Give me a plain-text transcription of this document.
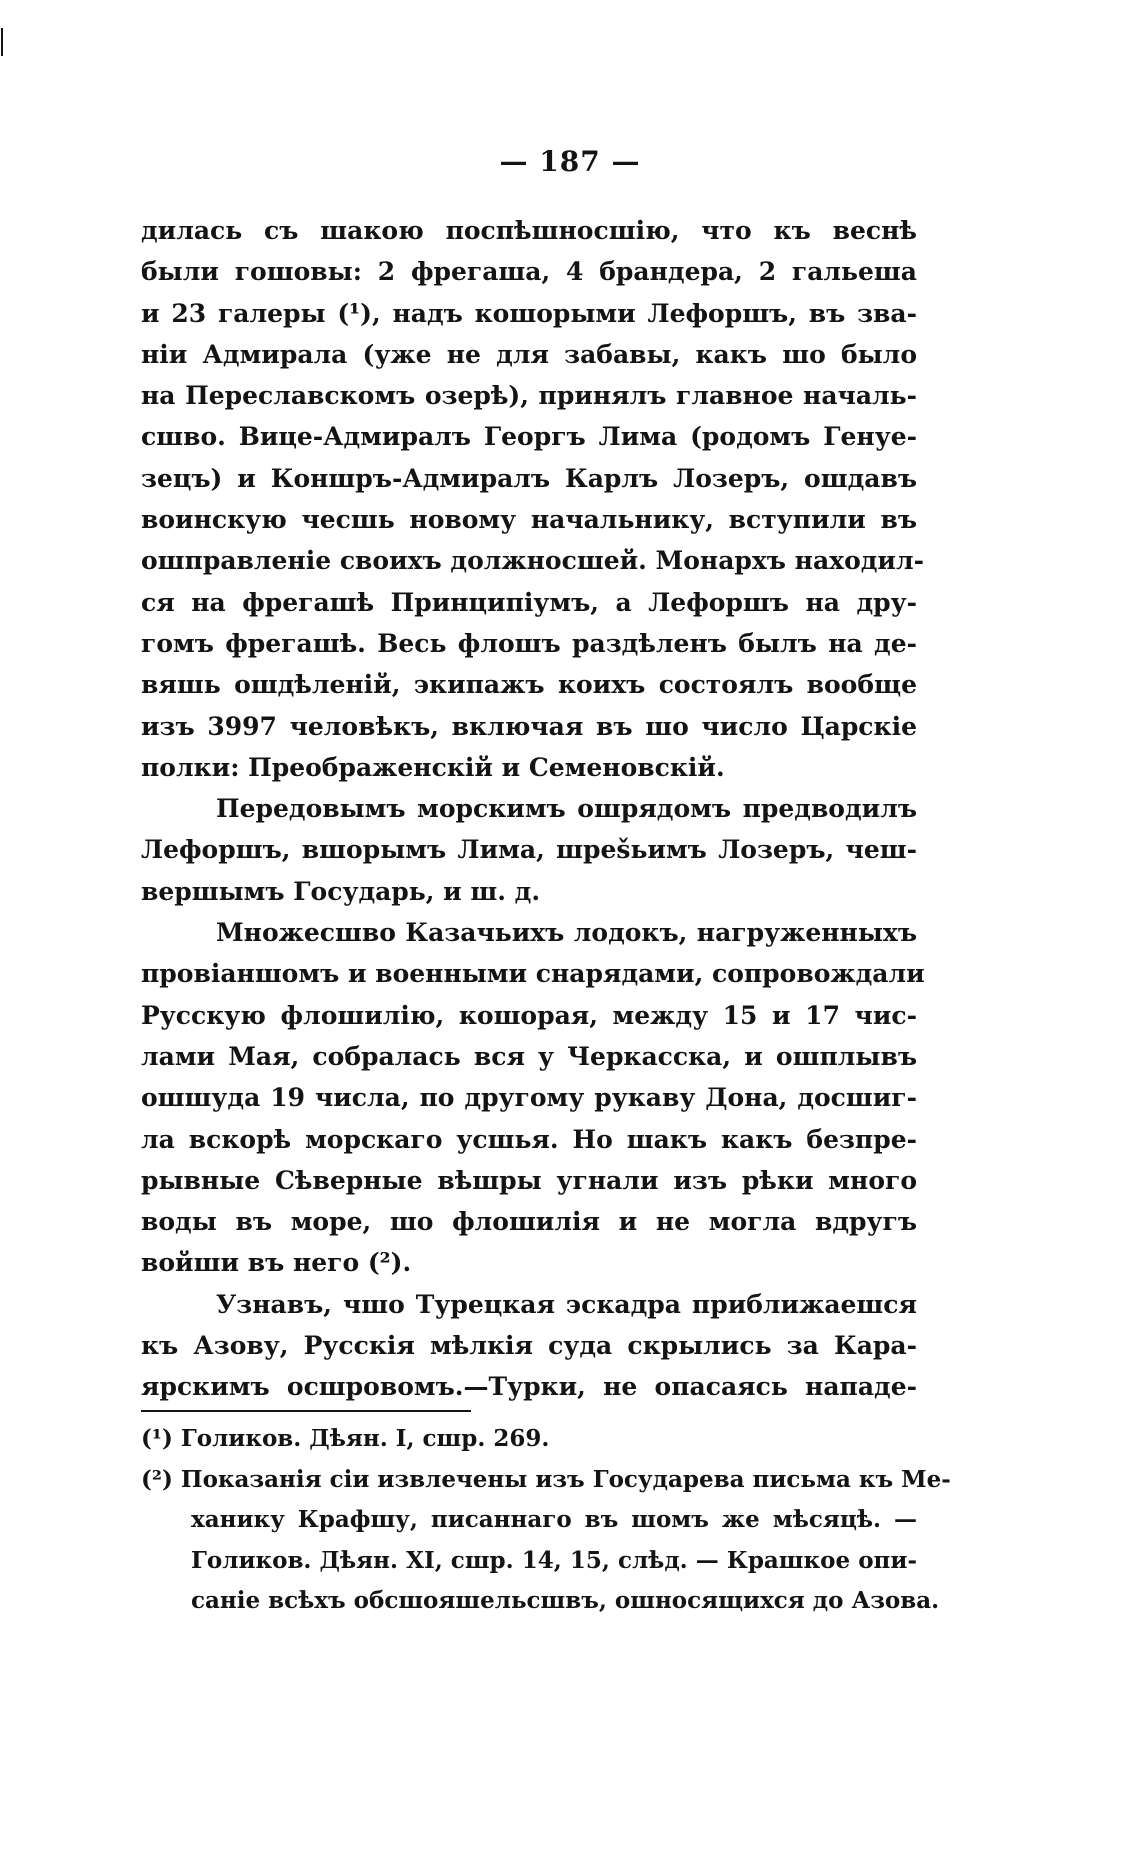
— 187 —
дилась съ шакою поспѣшносшію, что къ веснѣ
были гошовы: 2 фрегаша, 4 брандера, 2 гальеша
и 23 галеры (¹), надъ кошорыми Лефоршъ, въ зва-
ніи Адмирала (уже не для забавы, какъ шо было
на Переславскомъ озерѣ), принялъ главное началь-
сшво. Вице-Адмиралъ Георгъ Лима (родомъ Генуе-
зецъ) и Коншръ-Адмиралъ Карлъ Лозеръ, ошдавъ
воинскую чесшь новому начальнику, вступили въ
ошправленіе своихъ должносшей. Монархъ находил-
ся на фрегашѣ Принципіумъ, а Лефоршъ на дру-
гомъ фрегашѣ. Весь флошъ раздѣленъ былъ на де-
вяшь ошдѣленій, экипажъ коихъ состоялъ вообще
изъ 3997 человѣкъ, включая въ шо число Царскіе
полки: Преображенскій и Семеновскій.
Передовымъ морскимъ ошрядомъ предводилъ
Лефоршъ, вшорымъ Лима, шреšьимъ Лозеръ, чеш-
вершымъ Государь, и ш. д.
Множесшво Казачьихъ лодокъ, нагруженныхъ
провіаншомъ и военными снарядами, сопровождали
Русскую флошилію, кошорая, между 15 и 17 чис-
лами Мая, собралась вся у Черкасска, и ошплывъ
ошшуда 19 числа, по другому рукаву Дона, досшиг-
ла вскорѣ морскаго усшья. Но шакъ какъ безпре-
рывные Сѣверные вѣшры угнали изъ рѣки много
воды въ море, шо флошилія и не могла вдругъ
войши въ него (²).
Узнавъ, чшо Турецкая эскадра приближаешся
къ Азову, Русскія мѣлкія суда скрылись за Кара-
ярскимъ осшровомъ.—Турки, не опасаясь нападе-
(¹) Голиков. Дѣян. I, сшр. 269.
(²) Показанія сіи извлечены изъ Государева письма къ Ме-
ханику Крафшу, писаннаго въ шомъ же мѣсяцѣ. —
Голиков. Дѣян. XI, сшр. 14, 15, слѣд. — Крашкое опи-
саніе всѣхъ обсшояшельсшвъ, ошносящихся до Азова.
